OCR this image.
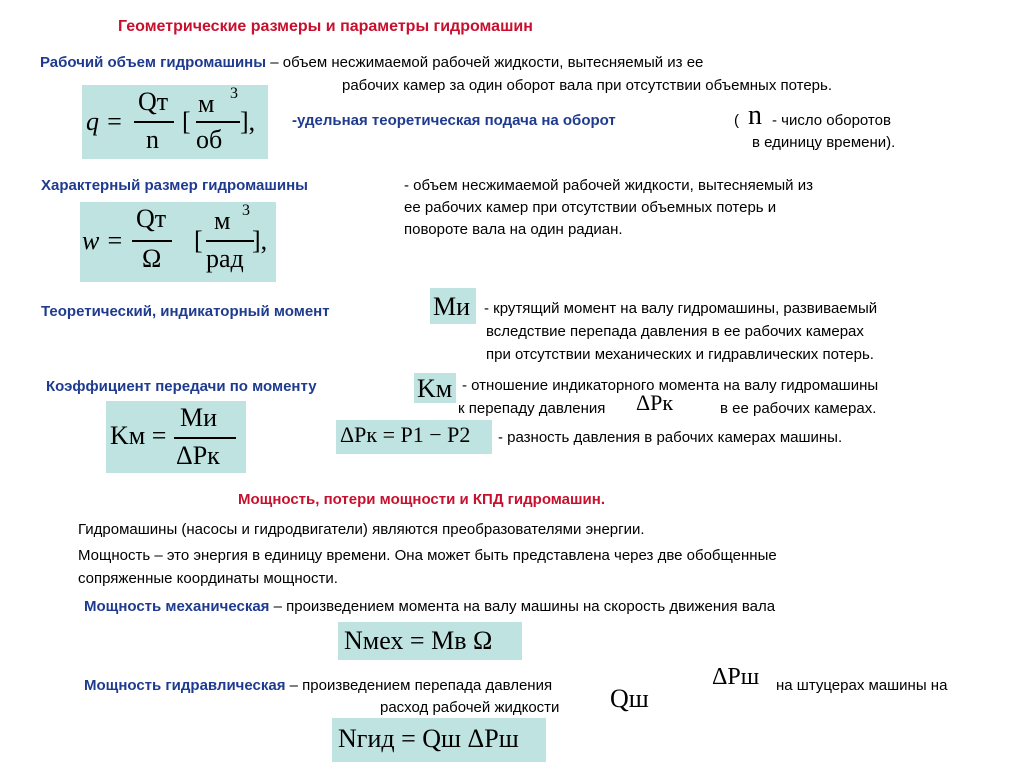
Геометрические размеры и параметры гидромашин
Рабочий объем гидромашины – объем несжимаемой рабочей жидкости, вытесняемый из ее
рабочих камер за один оборот вала при отсутствии объемных потерь.
q =
Qт
n
[
м 3
об
], -удельная теоретическая подача на оборот	( n - число оборотов
в единицу времени).
Характерный размер гидромашины	- объем несжимаемой рабочей жидкости, вытесняемый из
ее рабочих камер при отсутствии объемных потерь и
повороте вала на один радиан.
w =
Qт
Ω
[
м 3
рад
],
Теоретический, индикаторный момент	Mи - крутящий момент на валу гидромашины, развиваемый
вследствие перепада давления в ее рабочих камерах
при отсутствии механических и гидравлических потерь.
Коэффициент передачи по моменту	Kм - отношение индикаторного момента на валу гидромашины
к перепаду давления ΔPк	в ее рабочих камерах.
Kм =
Mи
ΔPк
ΔPк = P1 − P2 - разность давления в рабочих камерах машины.
Мощность, потери мощности и КПД гидромашин.
Гидромашины (насосы и гидродвигатели) являются преобразователями энергии.
Мощность – это энергия в единицу времени. Она может быть представлена через две обобщенные
сопряженные координаты мощности.
Мощность механическая – произведением момента на валу машины на скорость движения вала
Nмех = Mв Ω
Мощность гидравлическая – произведением перепада давления	ΔPш на штуцерах машины на
расход рабочей жидкости Qш
Nгид = Qш ΔPш
